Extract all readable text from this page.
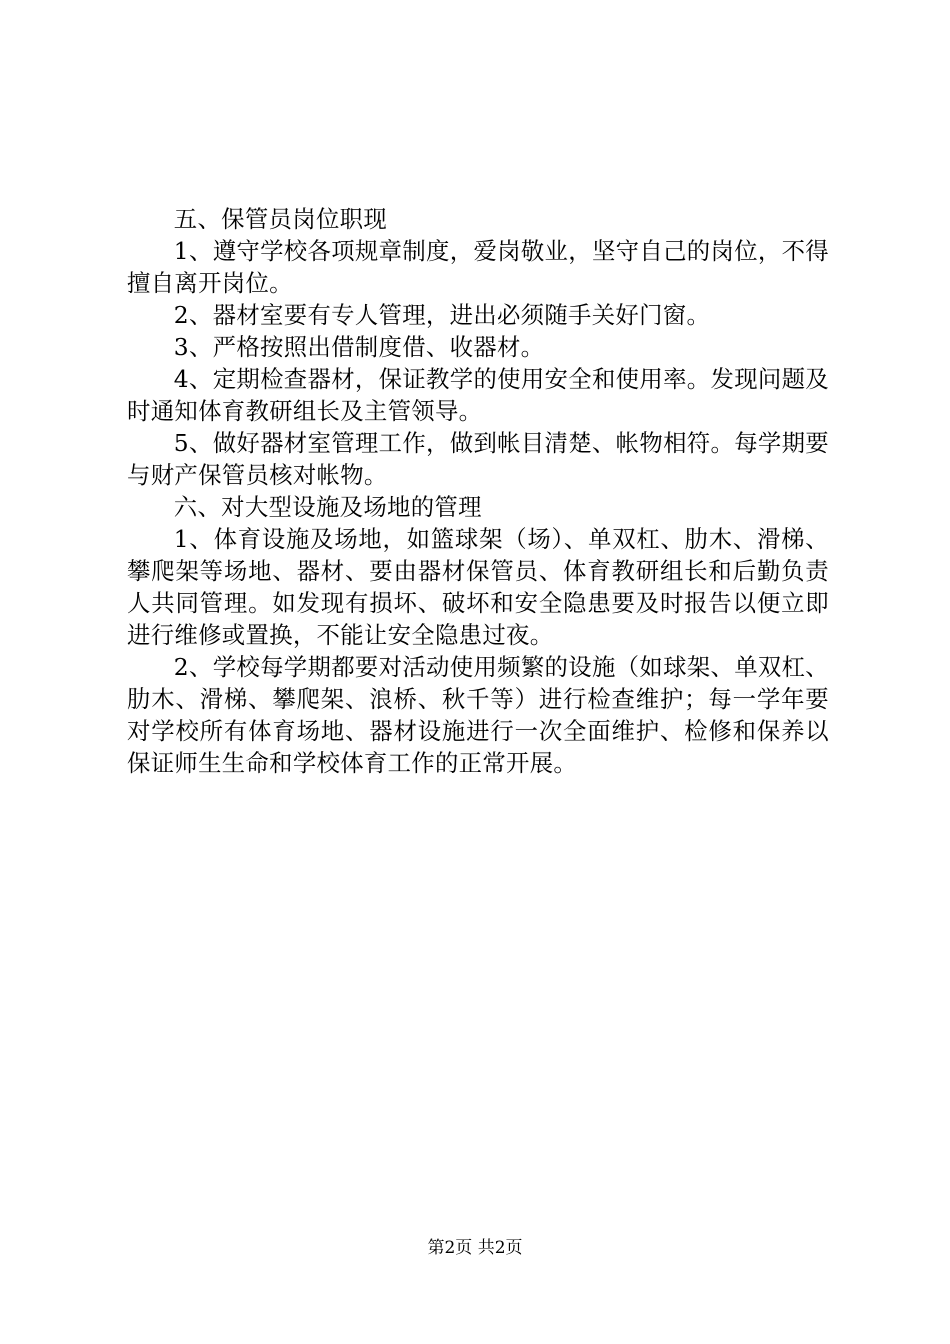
五、保管员岗位职现

1、遵守学校各项规章制度，爱岗敬业，坚守自己的岗位，不得擅自离开岗位。

2、器材室要有专人管理，进出必须随手关好门窗。

3、严格按照出借制度借、收器材。

4、定期检查器材，保证教学的使用安全和使用率。发现问题及时通知体育教研组长及主管领导。

5、做好器材室管理工作，做到帐目清楚、帐物相符。每学期要与财产保管员核对帐物。

六、对大型设施及场地的管理

1、体育设施及场地，如篮球架（场）、单双杠、肋木、滑梯、攀爬架等场地、器材、要由器材保管员、体育教研组长和后勤负责人共同管理。如发现有损坏、破坏和安全隐患要及时报告以便立即进行维修或置换，不能让安全隐患过夜。

2、学校每学期都要对活动使用频繁的设施（如球架、单双杠、肋木、滑梯、攀爬架、浪桥、秋千等）进行检查维护；每一学年要对学校所有体育场地、器材设施进行一次全面维护、检修和保养以保证师生生命和学校体育工作的正常开展。

第2页 共2页
